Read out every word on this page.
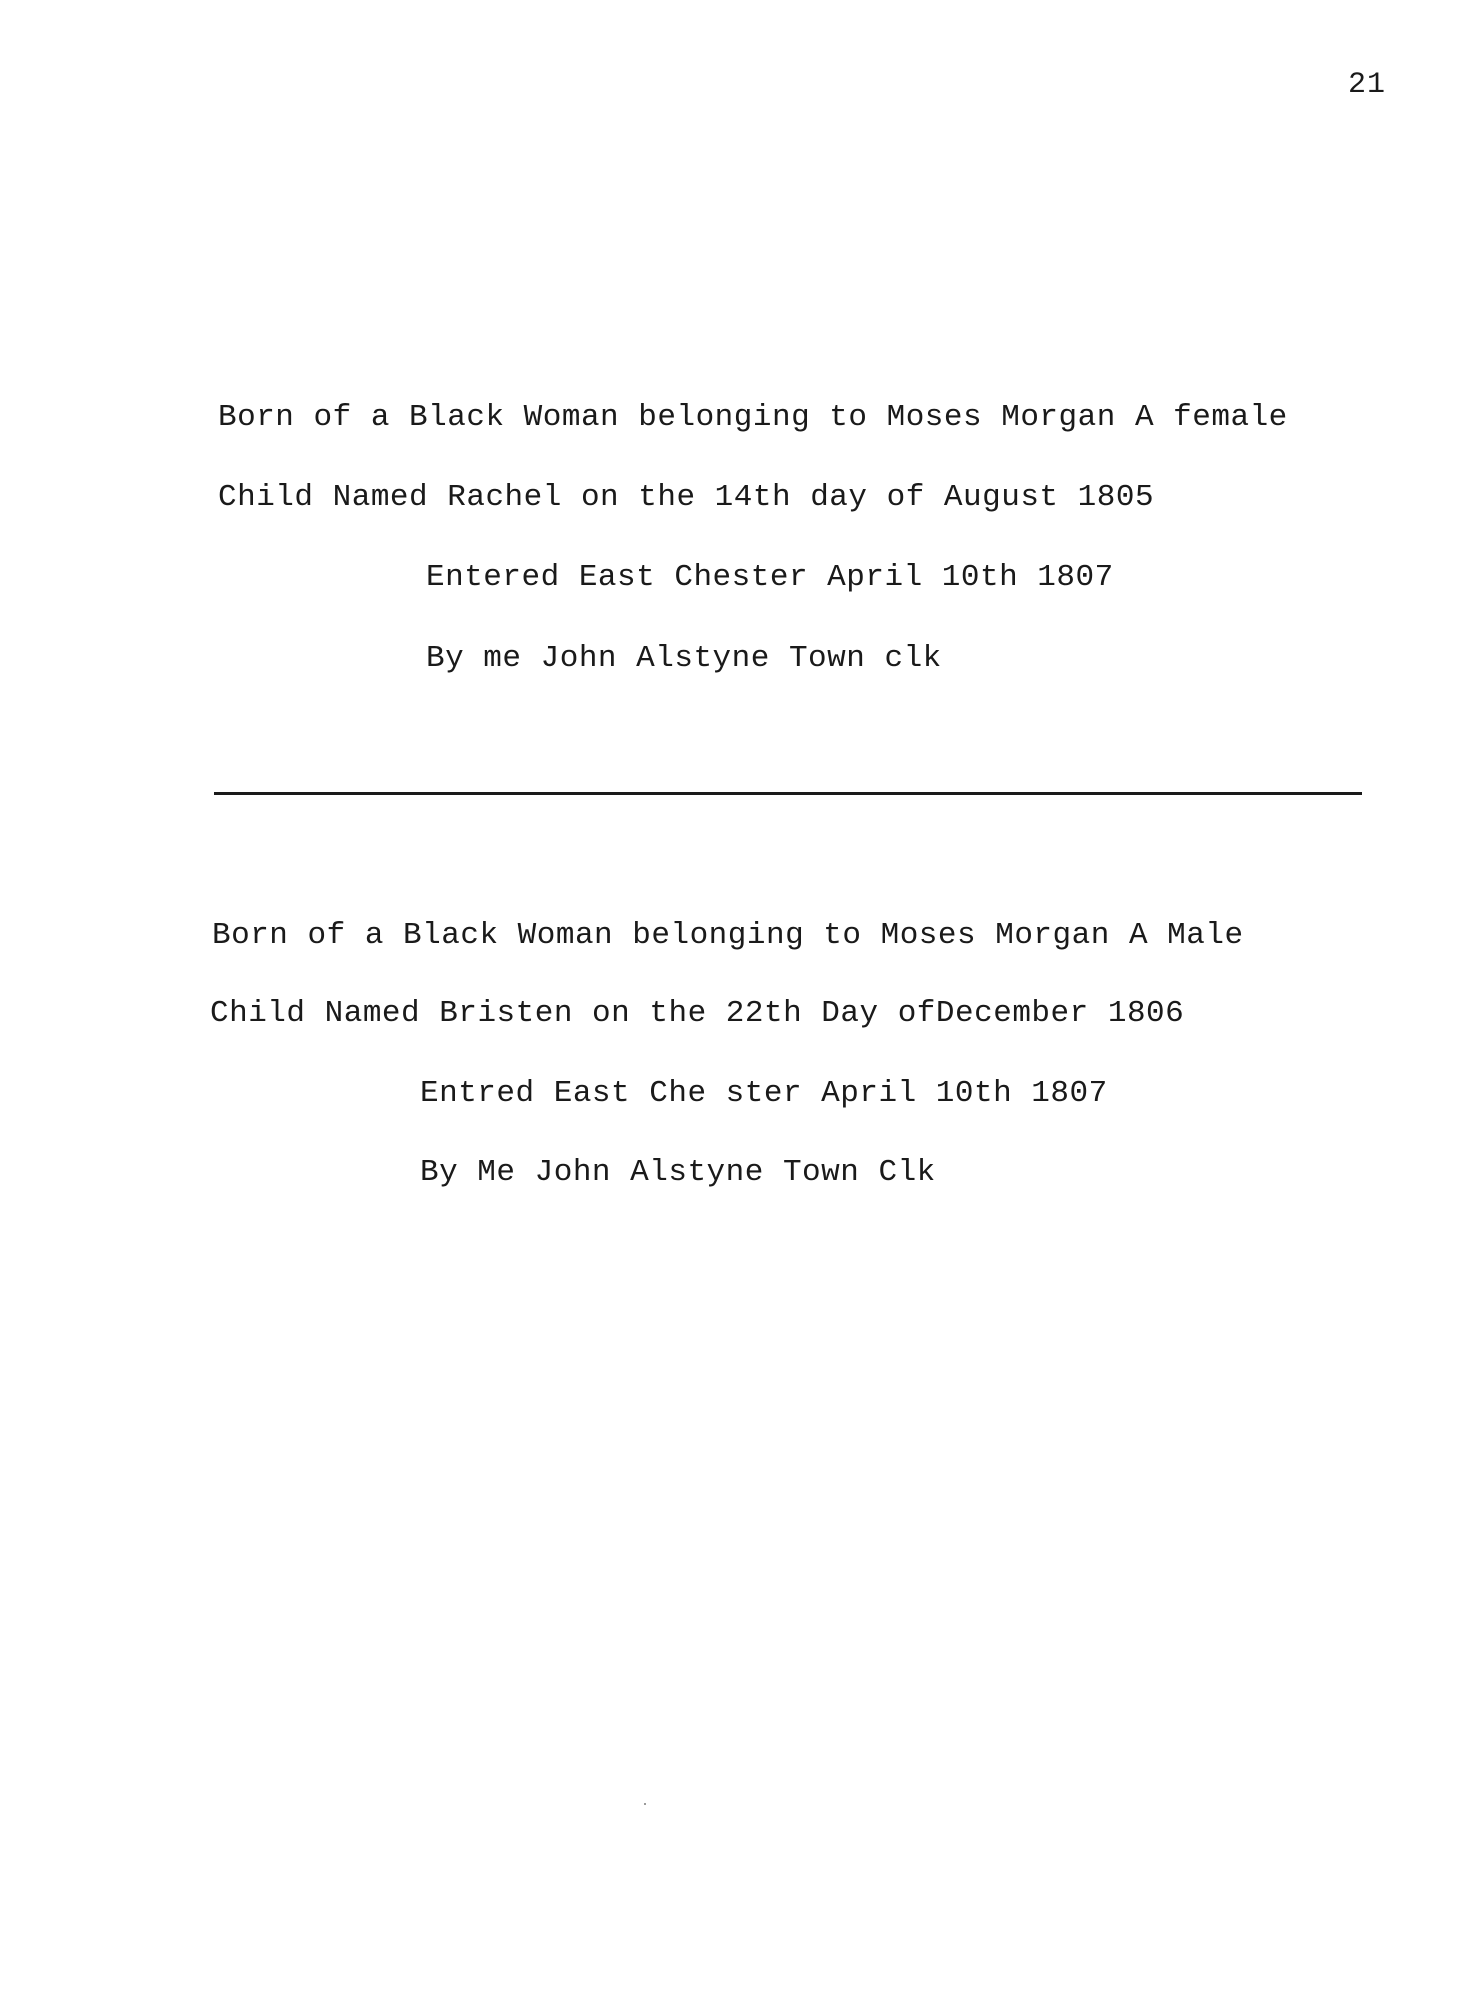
21
Born of a Black Woman belonging to Moses Morgan A female
Child Named Rachel on the 14th day of August 1805
Entered East Chester April 10th 1807
By me John Alstyne Town clk
Born of a Black Woman belonging to Moses Morgan A Male
Child Named Bristen on the 22th Day ofDecember 1806
Entred East Che ster April 10th 1807
By Me John Alstyne Town Clk
